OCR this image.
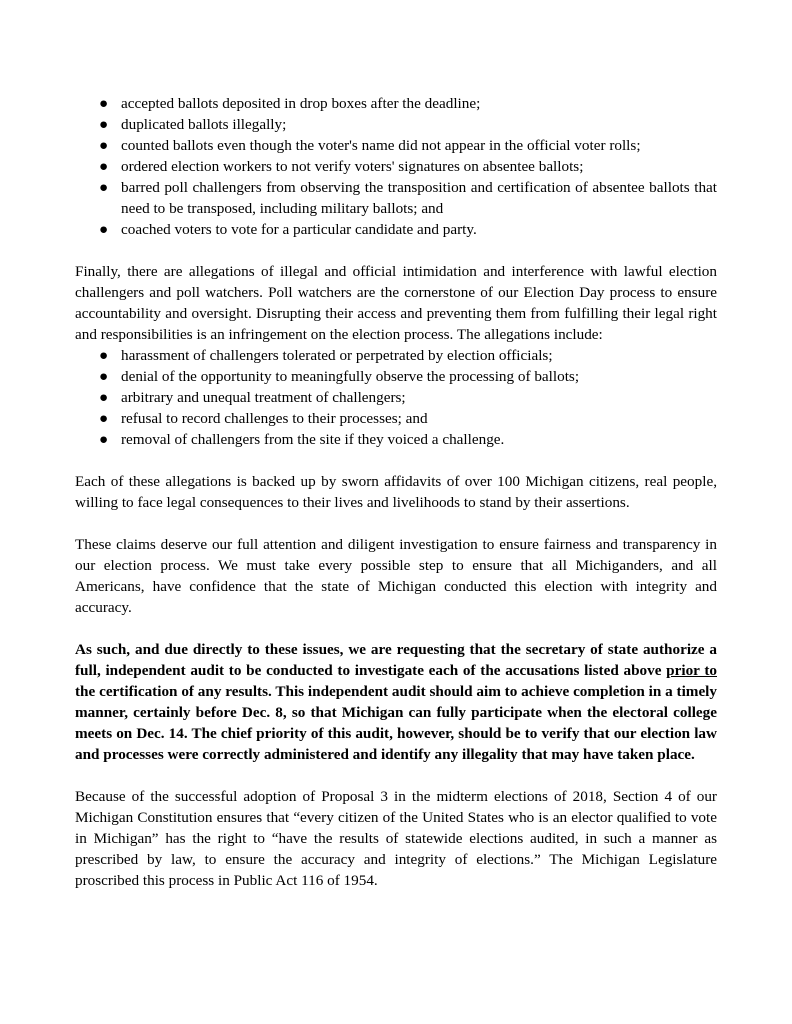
● accepted ballots deposited in drop boxes after the deadline;
● duplicated ballots illegally;
● counted ballots even though the voter's name did not appear in the official voter rolls;
● ordered election workers to not verify voters' signatures on absentee ballots;
● barred poll challengers from observing the transposition and certification of absentee ballots that need to be transposed, including military ballots; and
● coached voters to vote for a particular candidate and party.

Finally, there are allegations of illegal and official intimidation and interference with lawful election challengers and poll watchers. Poll watchers are the cornerstone of our Election Day process to ensure accountability and oversight. Disrupting their access and preventing them from fulfilling their legal right and responsibilities is an infringement on the election process. The allegations include:

● harassment of challengers tolerated or perpetrated by election officials;
● denial of the opportunity to meaningfully observe the processing of ballots;
● arbitrary and unequal treatment of challengers;
● refusal to record challenges to their processes; and
● removal of challengers from the site if they voiced a challenge.

Each of these allegations is backed up by sworn affidavits of over 100 Michigan citizens, real people, willing to face legal consequences to their lives and livelihoods to stand by their assertions.

These claims deserve our full attention and diligent investigation to ensure fairness and transparency in our election process. We must take every possible step to ensure that all Michiganders, and all Americans, have confidence that the state of Michigan conducted this election with integrity and accuracy.

As such, and due directly to these issues, we are requesting that the secretary of state authorize a full, independent audit to be conducted to investigate each of the accusations listed above prior to the certification of any results. This independent audit should aim to achieve completion in a timely manner, certainly before Dec. 8, so that Michigan can fully participate when the electoral college meets on Dec. 14. The chief priority of this audit, however, should be to verify that our election law and processes were correctly administered and identify any illegality that may have taken place.

Because of the successful adoption of Proposal 3 in the midterm elections of 2018, Section 4 of our Michigan Constitution ensures that “every citizen of the United States who is an elector qualified to vote in Michigan” has the right to “have the results of statewide elections audited, in such a manner as prescribed by law, to ensure the accuracy and integrity of elections.” The Michigan Legislature proscribed this process in Public Act 116 of 1954.
